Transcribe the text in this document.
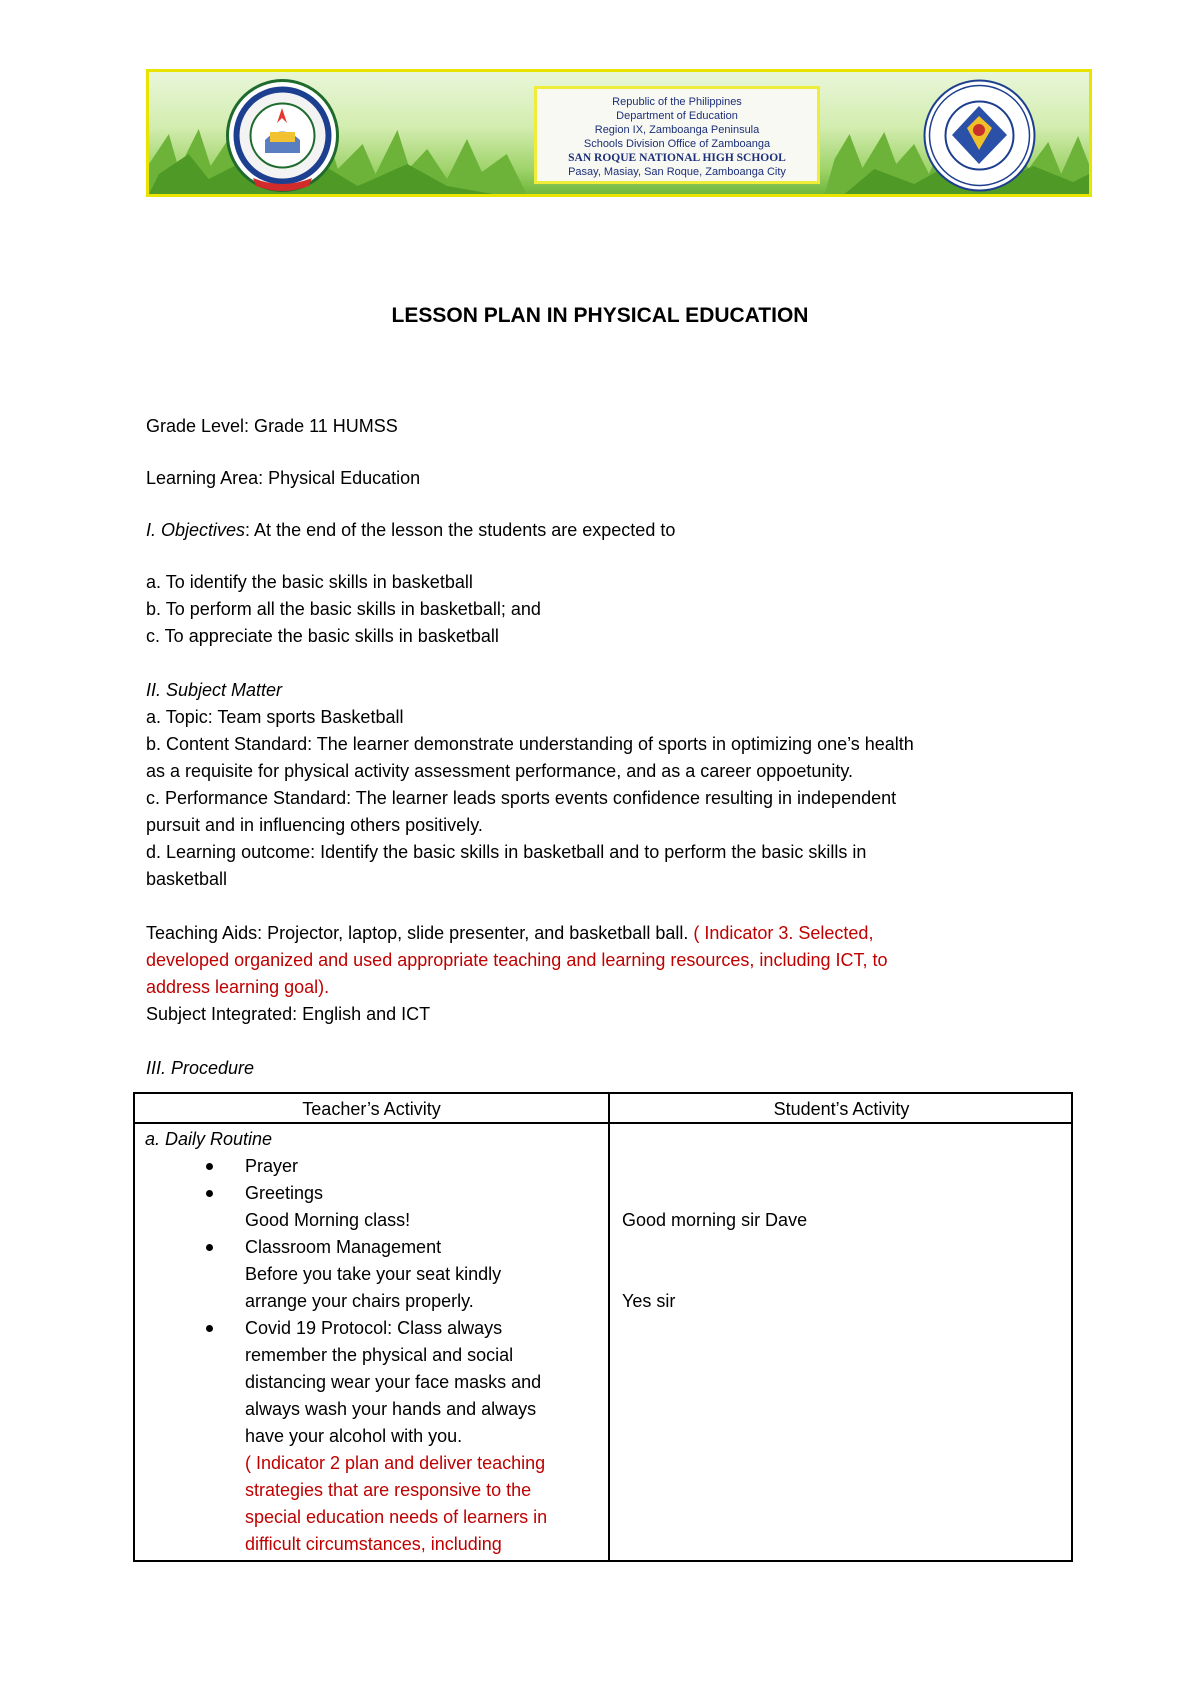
Republic of the Philippines
Department of Education
Region IX, Zamboanga Peninsula
Schools Division Office of Zamboanga
SAN ROQUE NATIONAL HIGH SCHOOL
Pasay, Masiay, San Roque, Zamboanga City
LESSON PLAN IN PHYSICAL EDUCATION
Grade Level: Grade 11 HUMSS
Learning Area: Physical Education
I. Objectives: At the end of the lesson the students are expected to
a. To identify the basic skills in basketball
b. To perform all the basic skills in basketball; and
c. To appreciate the basic skills in basketball
II. Subject Matter
a. Topic: Team sports Basketball
b. Content Standard: The learner demonstrate understanding of sports in optimizing one’s health
as a requisite for physical activity assessment performance, and as a career oppoetunity.
c. Performance Standard: The learner leads sports events confidence resulting in independent
pursuit and in influencing others positively.
d. Learning outcome: Identify the basic skills in basketball and to perform the basic skills in
basketball
Teaching Aids: Projector, laptop, slide presenter, and basketball ball. ( Indicator 3. Selected,
developed organized and used appropriate teaching and learning resources, including ICT, to
address learning goal).
Subject Integrated: English and ICT
III. Procedure
Teacher’s Activity	Student’s Activity
a. Daily Routine
Prayer
Greetings
Good Morning class!
Classroom Management
Before you take your seat kindly
arrange your chairs properly.
Covid 19 Protocol: Class always
remember the physical and social
distancing wear your face masks and
always wash your hands and always
have your alcohol with you.
( Indicator 2 plan and deliver teaching
strategies that are responsive to the
special education needs of learners in
difficult circumstances, including
Good morning sir Dave
Yes sir
